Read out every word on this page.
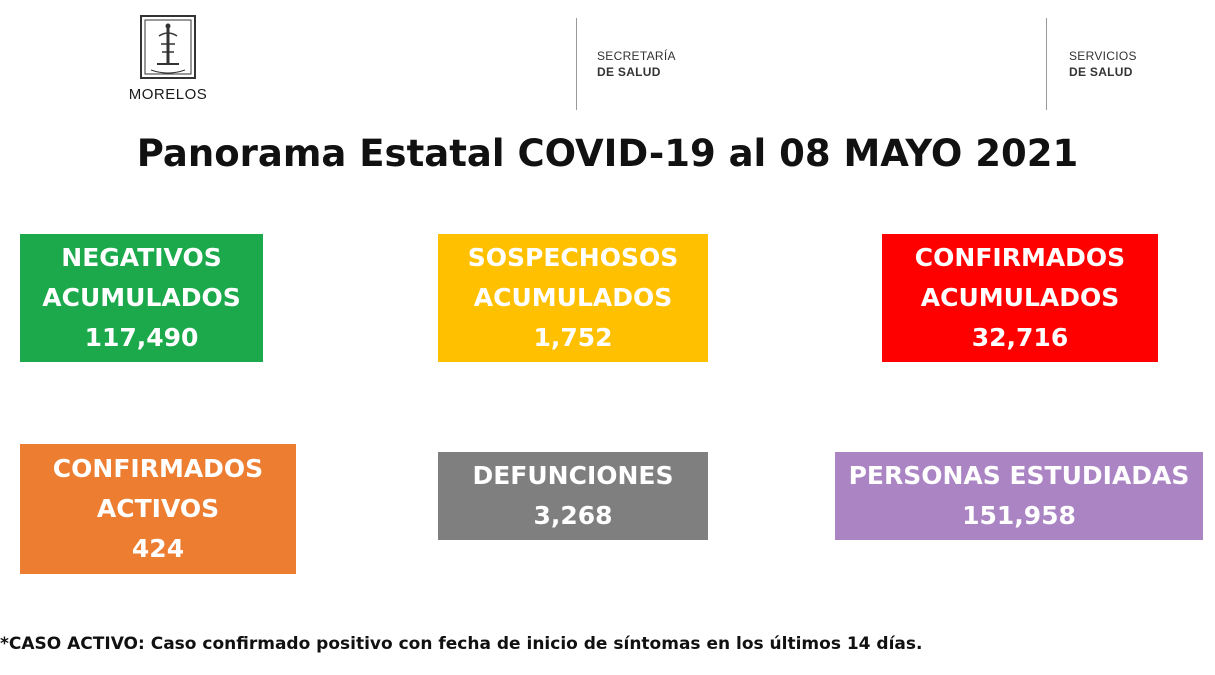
MORELOS
SECRETARÍA
DE SALUD
SERVICIOS
DE SALUD
Panorama Estatal COVID-19 al 08 MAYO 2021
NEGATIVOS
ACUMULADOS
117,490
SOSPECHOSOS
ACUMULADOS
1,752
CONFIRMADOS
ACUMULADOS
32,716
CONFIRMADOS
ACTIVOS
424
DEFUNCIONES
3,268
PERSONAS ESTUDIADAS
151,958
*CASO ACTIVO: Caso confirmado positivo con fecha de inicio de síntomas en los últimos 14 días.
